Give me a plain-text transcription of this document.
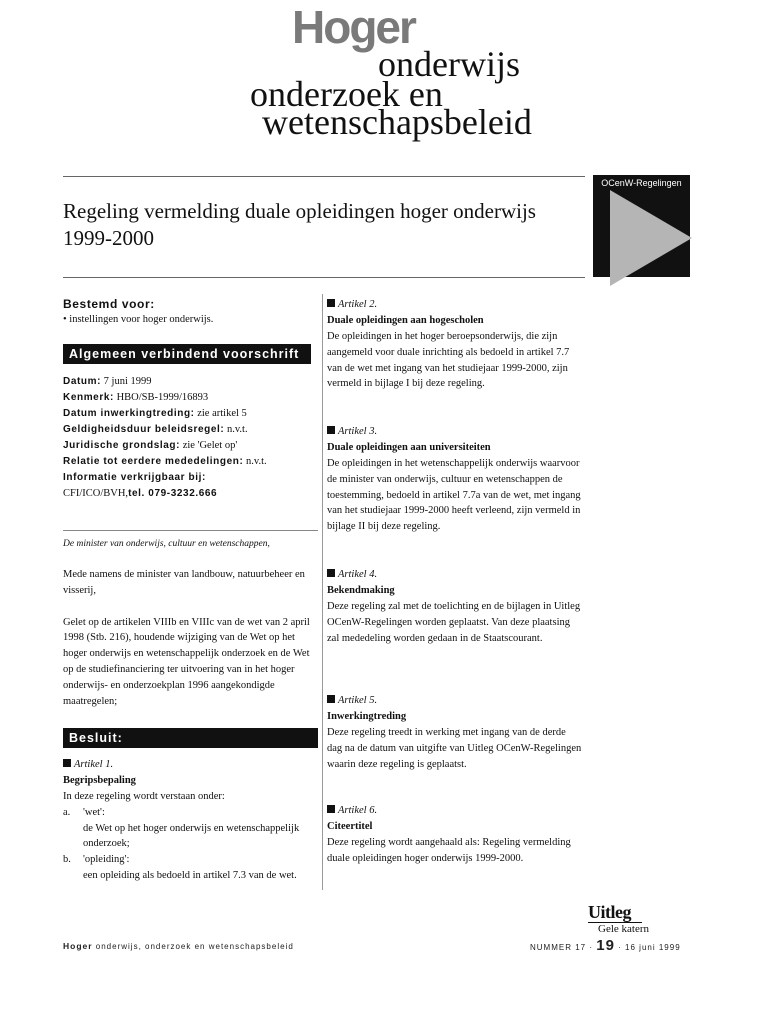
Hoger
onderwijs
onderzoek en
wetenschapsbeleid
OCenW-Regelingen
Regeling vermelding duale opleidingen hoger onderwijs 1999-2000
Bestemd voor:
• instellingen voor hoger onderwijs.
Algemeen verbindend voorschrift
Datum: 7 juni 1999
Kenmerk: HBO/SB-1999/16893
Datum inwerkingtreding: zie artikel 5
Geldigheidsduur beleidsregel: n.v.t.
Juridische grondslag: zie 'Gelet op'
Relatie tot eerdere mededelingen: n.v.t.
Informatie verkrijgbaar bij:
CFI/ICO/BVH,tel. 079-3232.666
De minister van onderwijs, cultuur en wetenschappen,
Mede namens de minister van landbouw, natuurbeheer en visserij,
Gelet op de artikelen VIIIb en VIIIc van de wet van 2 april 1998 (Stb. 216), houdende wijziging van de Wet op het hoger onderwijs en wetenschappelijk onderzoek en de Wet op de studiefinanciering ter uitvoering van in het hoger onderwijs- en onderzoekplan 1996 aangekondigde maatregelen;
Besluit:
Artikel 1.
Begripsbepaling
In deze regeling wordt verstaan onder:
a.	'wet':
de Wet op het hoger onderwijs en wetenschappelijk onderzoek;
b.	'opleiding':
een opleiding als bedoeld in artikel 7.3 van de wet.
Artikel 2.
Duale opleidingen aan hogescholen
De opleidingen in het hoger beroepsonderwijs, die zijn aangemeld voor duale inrichting als bedoeld in artikel 7.7 van de wet met ingang van het studiejaar 1999-2000, zijn vermeld in bijlage I bij deze regeling.
Artikel 3.
Duale opleidingen aan universiteiten
De opleidingen in het wetenschappelijk onderwijs waarvoor de minister van onderwijs, cultuur en wetenschappen de toestemming, bedoeld in artikel 7.7a van de wet, met ingang van het studiejaar 1999-2000 heeft verleend, zijn vermeld in bijlage II bij deze regeling.
Artikel 4.
Bekendmaking
Deze regeling zal met de toelichting en de bijlagen in Uitleg OCenW-Regelingen worden geplaatst. Van deze plaatsing zal mededeling worden gedaan in de Staatscourant.
Artikel 5.
Inwerkingtreding
Deze regeling treedt in werking met ingang van de derde dag na de datum van uitgifte van Uitleg OCenW-Regelingen waarin deze regeling is geplaatst.
Artikel 6.
Citeertitel
Deze regeling wordt aangehaald als: Regeling vermelding duale opleidingen hoger onderwijs 1999-2000.
Uitleg
Gele katern
Hoger onderwijs, onderzoek en wetenschapsbeleid	NUMMER 17 · 19 · 16 juni 1999
